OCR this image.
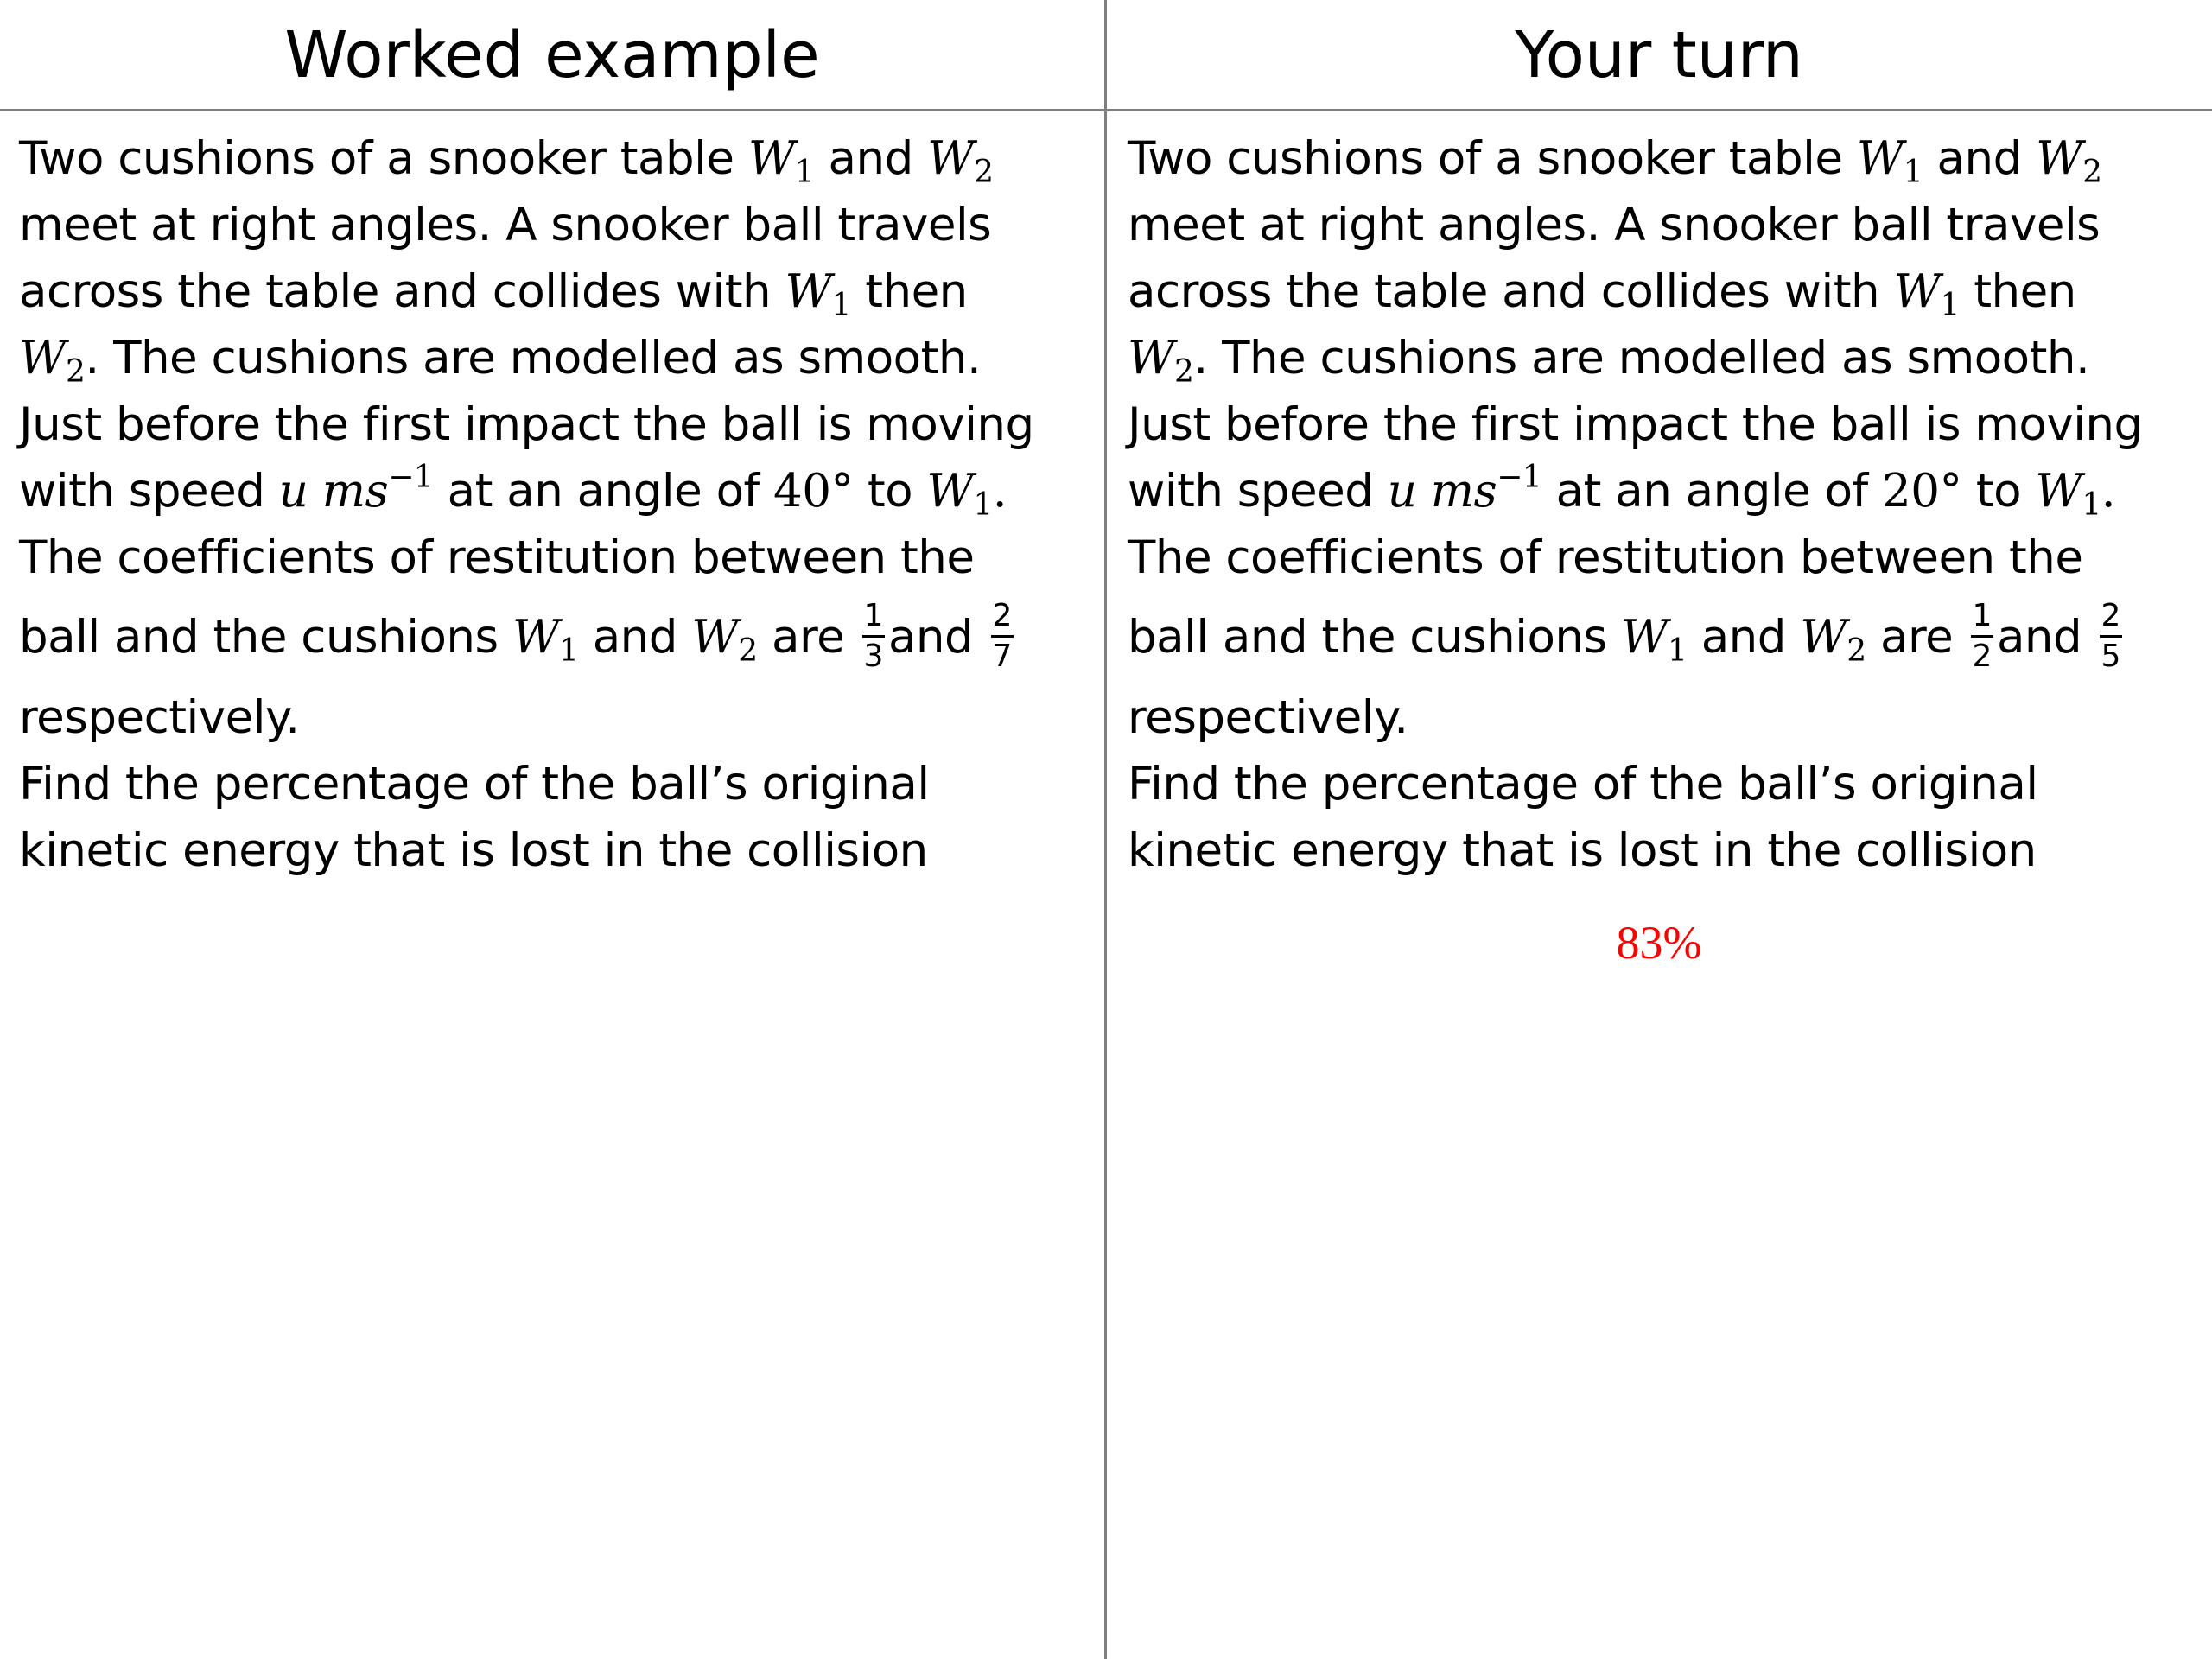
Worked example
Two cushions of a snooker table $W_1$ and $W_2$
meet at right angles. A snooker ball travels
across the table and collides with $W_1$ then
$W_2$. The cushions are modelled as smooth.
Just before the first impact the ball is moving
with speed u $ms^{-1}$ at an angle of 40° to $W_1$.
The coefficients of restitution between the
ball and the cushions $W_1$ and $W_2$ are $\frac{1}{3}$ and $\frac{2}{7}$
respectively.
Find the percentage of the ball’s original
kinetic energy that is lost in the collision
Your turn
Two cushions of a snooker table $W_1$ and $W_2$
meet at right angles. A snooker ball travels
across the table and collides with $W_1$ then
$W_2$. The cushions are modelled as smooth.
Just before the first impact the ball is moving
with speed u $ms^{-1}$ at an angle of 20° to $W_1$.
The coefficients of restitution between the
ball and the cushions $W_1$ and $W_2$ are $\frac{1}{2}$ and $\frac{2}{5}$
respectively.
Find the percentage of the ball’s original
kinetic energy that is lost in the collision
83%
